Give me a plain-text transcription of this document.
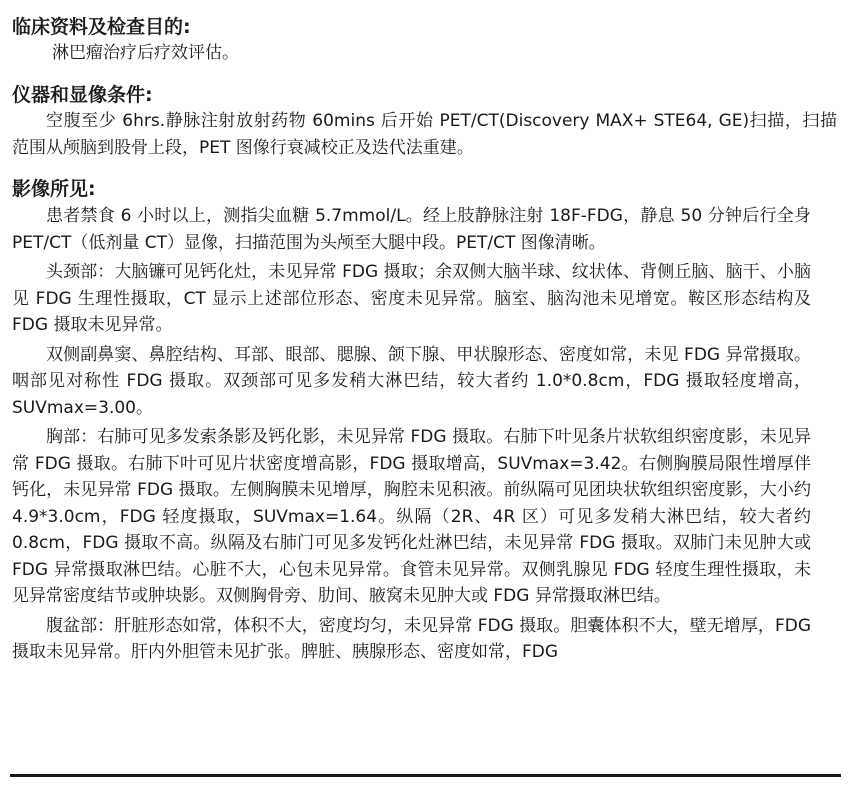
临床资料及检查目的:

淋巴瘤治疗后疗效评估。

仪器和显像条件:

空腹至少 6hrs.静脉注射放射药物 60mins 后开始 PET/CT(Discovery MAX+ STE64, GE)扫描，扫描范围从颅脑到股骨上段，PET 图像行衰减校正及迭代法重建。

影像所见:

患者禁食 6 小时以上，测指尖血糖 5.7mmol/L。经上肢静脉注射 18F-FDG，静息 50 分钟后行全身 PET/CT（低剂量 CT）显像，扫描范围为头颅至大腿中段。PET/CT 图像清晰。

头颈部：大脑镰可见钙化灶，未见异常 FDG 摄取；余双侧大脑半球、纹状体、背侧丘脑、脑干、小脑见 FDG 生理性摄取，CT 显示上述部位形态、密度未见异常。脑室、脑沟池未见增宽。鞍区形态结构及 FDG 摄取未见异常。

双侧副鼻窦、鼻腔结构、耳部、眼部、腮腺、颌下腺、甲状腺形态、密度如常，未见 FDG 异常摄取。咽部见对称性 FDG 摄取。双颈部可见多发稍大淋巴结，较大者约 1.0*0.8cm，FDG 摄取轻度增高，SUVmax=3.00。

胸部：右肺可见多发索条影及钙化影，未见异常 FDG 摄取。右肺下叶见条片状软组织密度影，未见异常 FDG 摄取。右肺下叶可见片状密度增高影，FDG 摄取增高，SUVmax=3.42。右侧胸膜局限性增厚伴钙化，未见异常 FDG 摄取。左侧胸膜未见增厚，胸腔未见积液。前纵隔可见团块状软组织密度影，大小约 4.9*3.0cm，FDG 轻度摄取，SUVmax=1.64。纵隔（2R、4R 区）可见多发稍大淋巴结，较大者约 0.8cm，FDG 摄取不高。纵隔及右肺门可见多发钙化灶淋巴结，未见异常 FDG 摄取。双肺门未见肿大或 FDG 异常摄取淋巴结。心脏不大，心包未见异常。食管未见异常。双侧乳腺见 FDG 轻度生理性摄取，未见异常密度结节或肿块影。双侧胸骨旁、肋间、腋窝未见肿大或 FDG 异常摄取淋巴结。

腹盆部：肝脏形态如常，体积不大，密度均匀，未见异常 FDG 摄取。胆囊体积不大，壁无增厚，FDG 摄取未见异常。肝内外胆管未见扩张。脾脏、胰腺形态、密度如常，FDG
